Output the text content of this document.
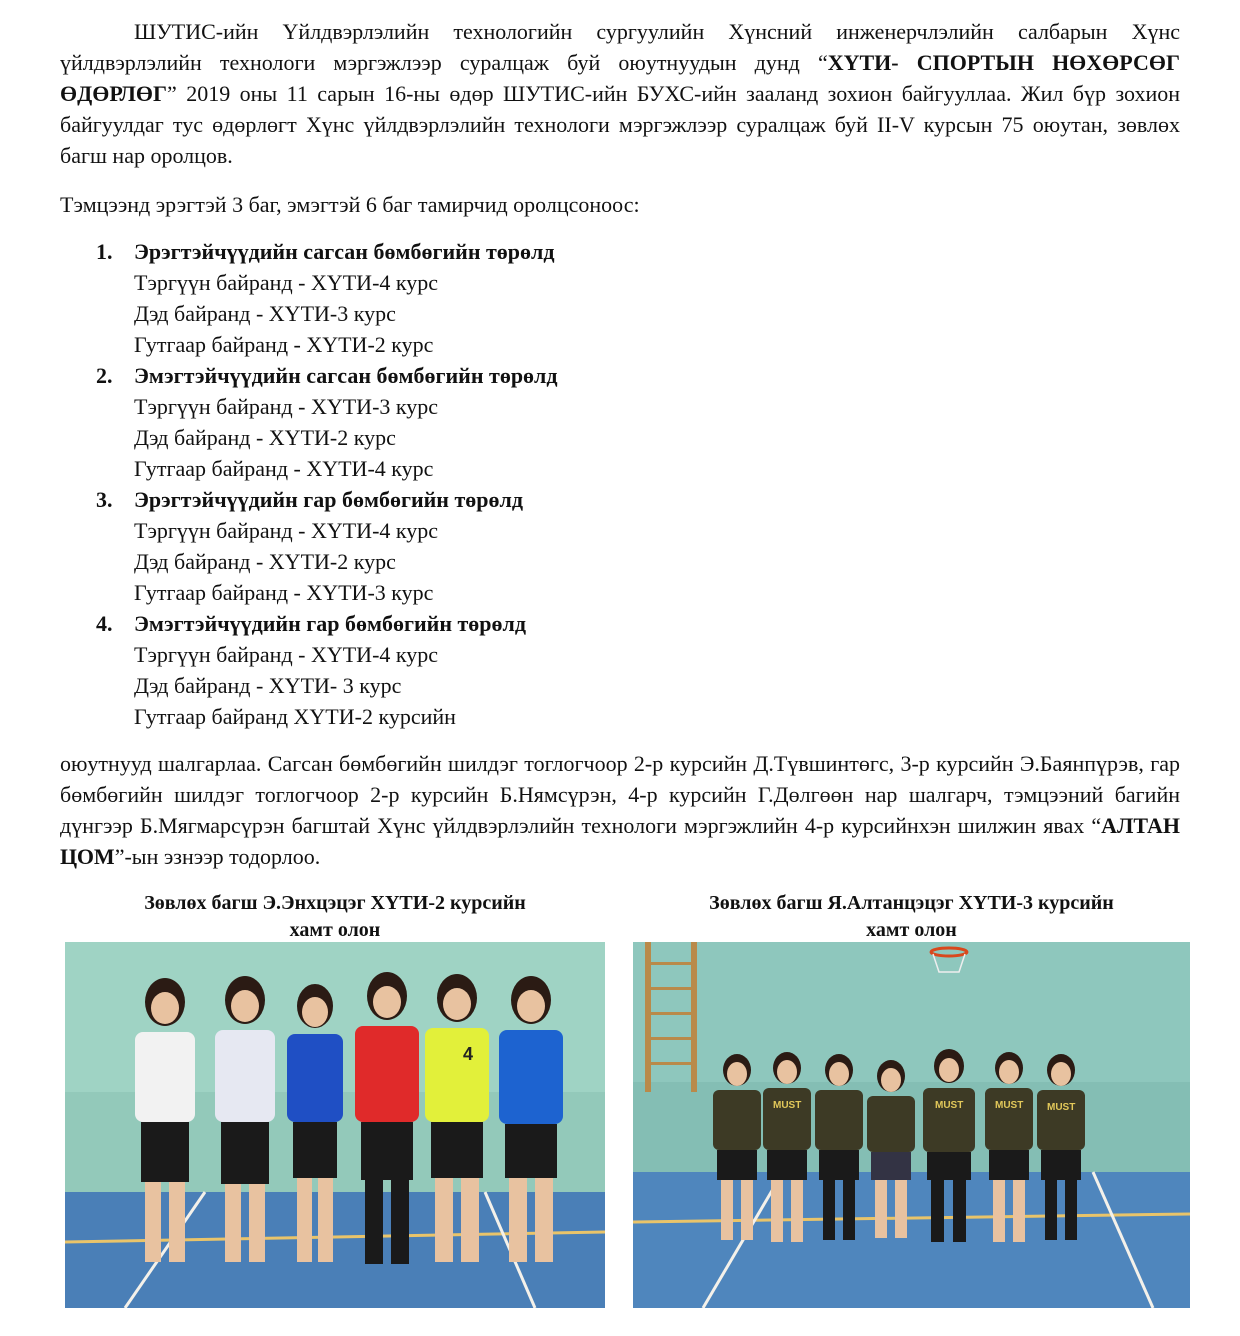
ШУТИС-ийн Үйлдвэрлэлийн технологийн сургуулийн Хүнсний инженерчлэлийн салбарын Хүнс үйлдвэрлэлийн технологи мэргэжлээр суралцаж буй оюутнуудын дунд “ХҮТИ- СПОРТЫН НӨХӨРСӨГ ӨДӨРЛӨГ” 2019 оны 11 сарын 16-ны өдөр ШУТИС-ийн БУХС-ийн зааланд зохион байгууллаа. Жил бүр зохион байгуулдаг тус өдөрлөгт Хүнс үйлдвэрлэлийн технологи мэргэжлээр суралцаж буй II-V курсын 75 оюутан, зөвлөх багш нар оролцов.

Тэмцээнд эрэгтэй 3 баг, эмэгтэй 6 баг тамирчид оролцсоноос:

1. Эрэгтэйчүүдийн сагсан бөмбөгийн төрөлд
Тэргүүн байранд - ХҮТИ-4 курс
Дэд байранд - ХҮТИ-3 курс
Гутгаар байранд - ХҮТИ-2 курс
2. Эмэгтэйчүүдийн сагсан бөмбөгийн төрөлд
Тэргүүн байранд - ХҮТИ-3 курс
Дэд байранд - ХҮТИ-2 курс
Гутгаар байранд - ХҮТИ-4 курс
3. Эрэгтэйчүүдийн гар бөмбөгийн төрөлд
Тэргүүн байранд - ХҮТИ-4 курс
Дэд байранд - ХҮТИ-2 курс
Гутгаар байранд - ХҮТИ-3 курс
4. Эмэгтэйчүүдийн гар бөмбөгийн төрөлд
Тэргүүн байранд - ХҮТИ-4 курс
Дэд байранд - ХҮТИ- 3 курс
Гутгаар байранд ХҮТИ-2 курсийн

оюутнууд шалгарлаа. Сагсан бөмбөгийн шилдэг тоглогчоор 2-р курсийн Д.Түвшинтөгс, 3-р курсийн Э.Баянпүрэв, гар бөмбөгийн шилдэг тоглогчоор 2-р курсийн Б.Нямсүрэн, 4-р курсийн Г.Дөлгөөн нар шалгарч, тэмцээний багийн дүнгээр Б.Мягмарсүрэн багштай Хүнс үйлдвэрлэлийн технологи мэргэжлийн 4-р курсийнхэн шилжин явах “АЛТАН ЦОМ”-ын эзнээр тодорлоо.

Зөвлөх багш Э.Энхцэцэг ХҮТИ-2 курсийн
хамт олон
4
Зөвлөх багш Я.Алтанцэцэг ХҮТИ-3 курсийн
хамт олон
MUST	MUST	MUST MUST
